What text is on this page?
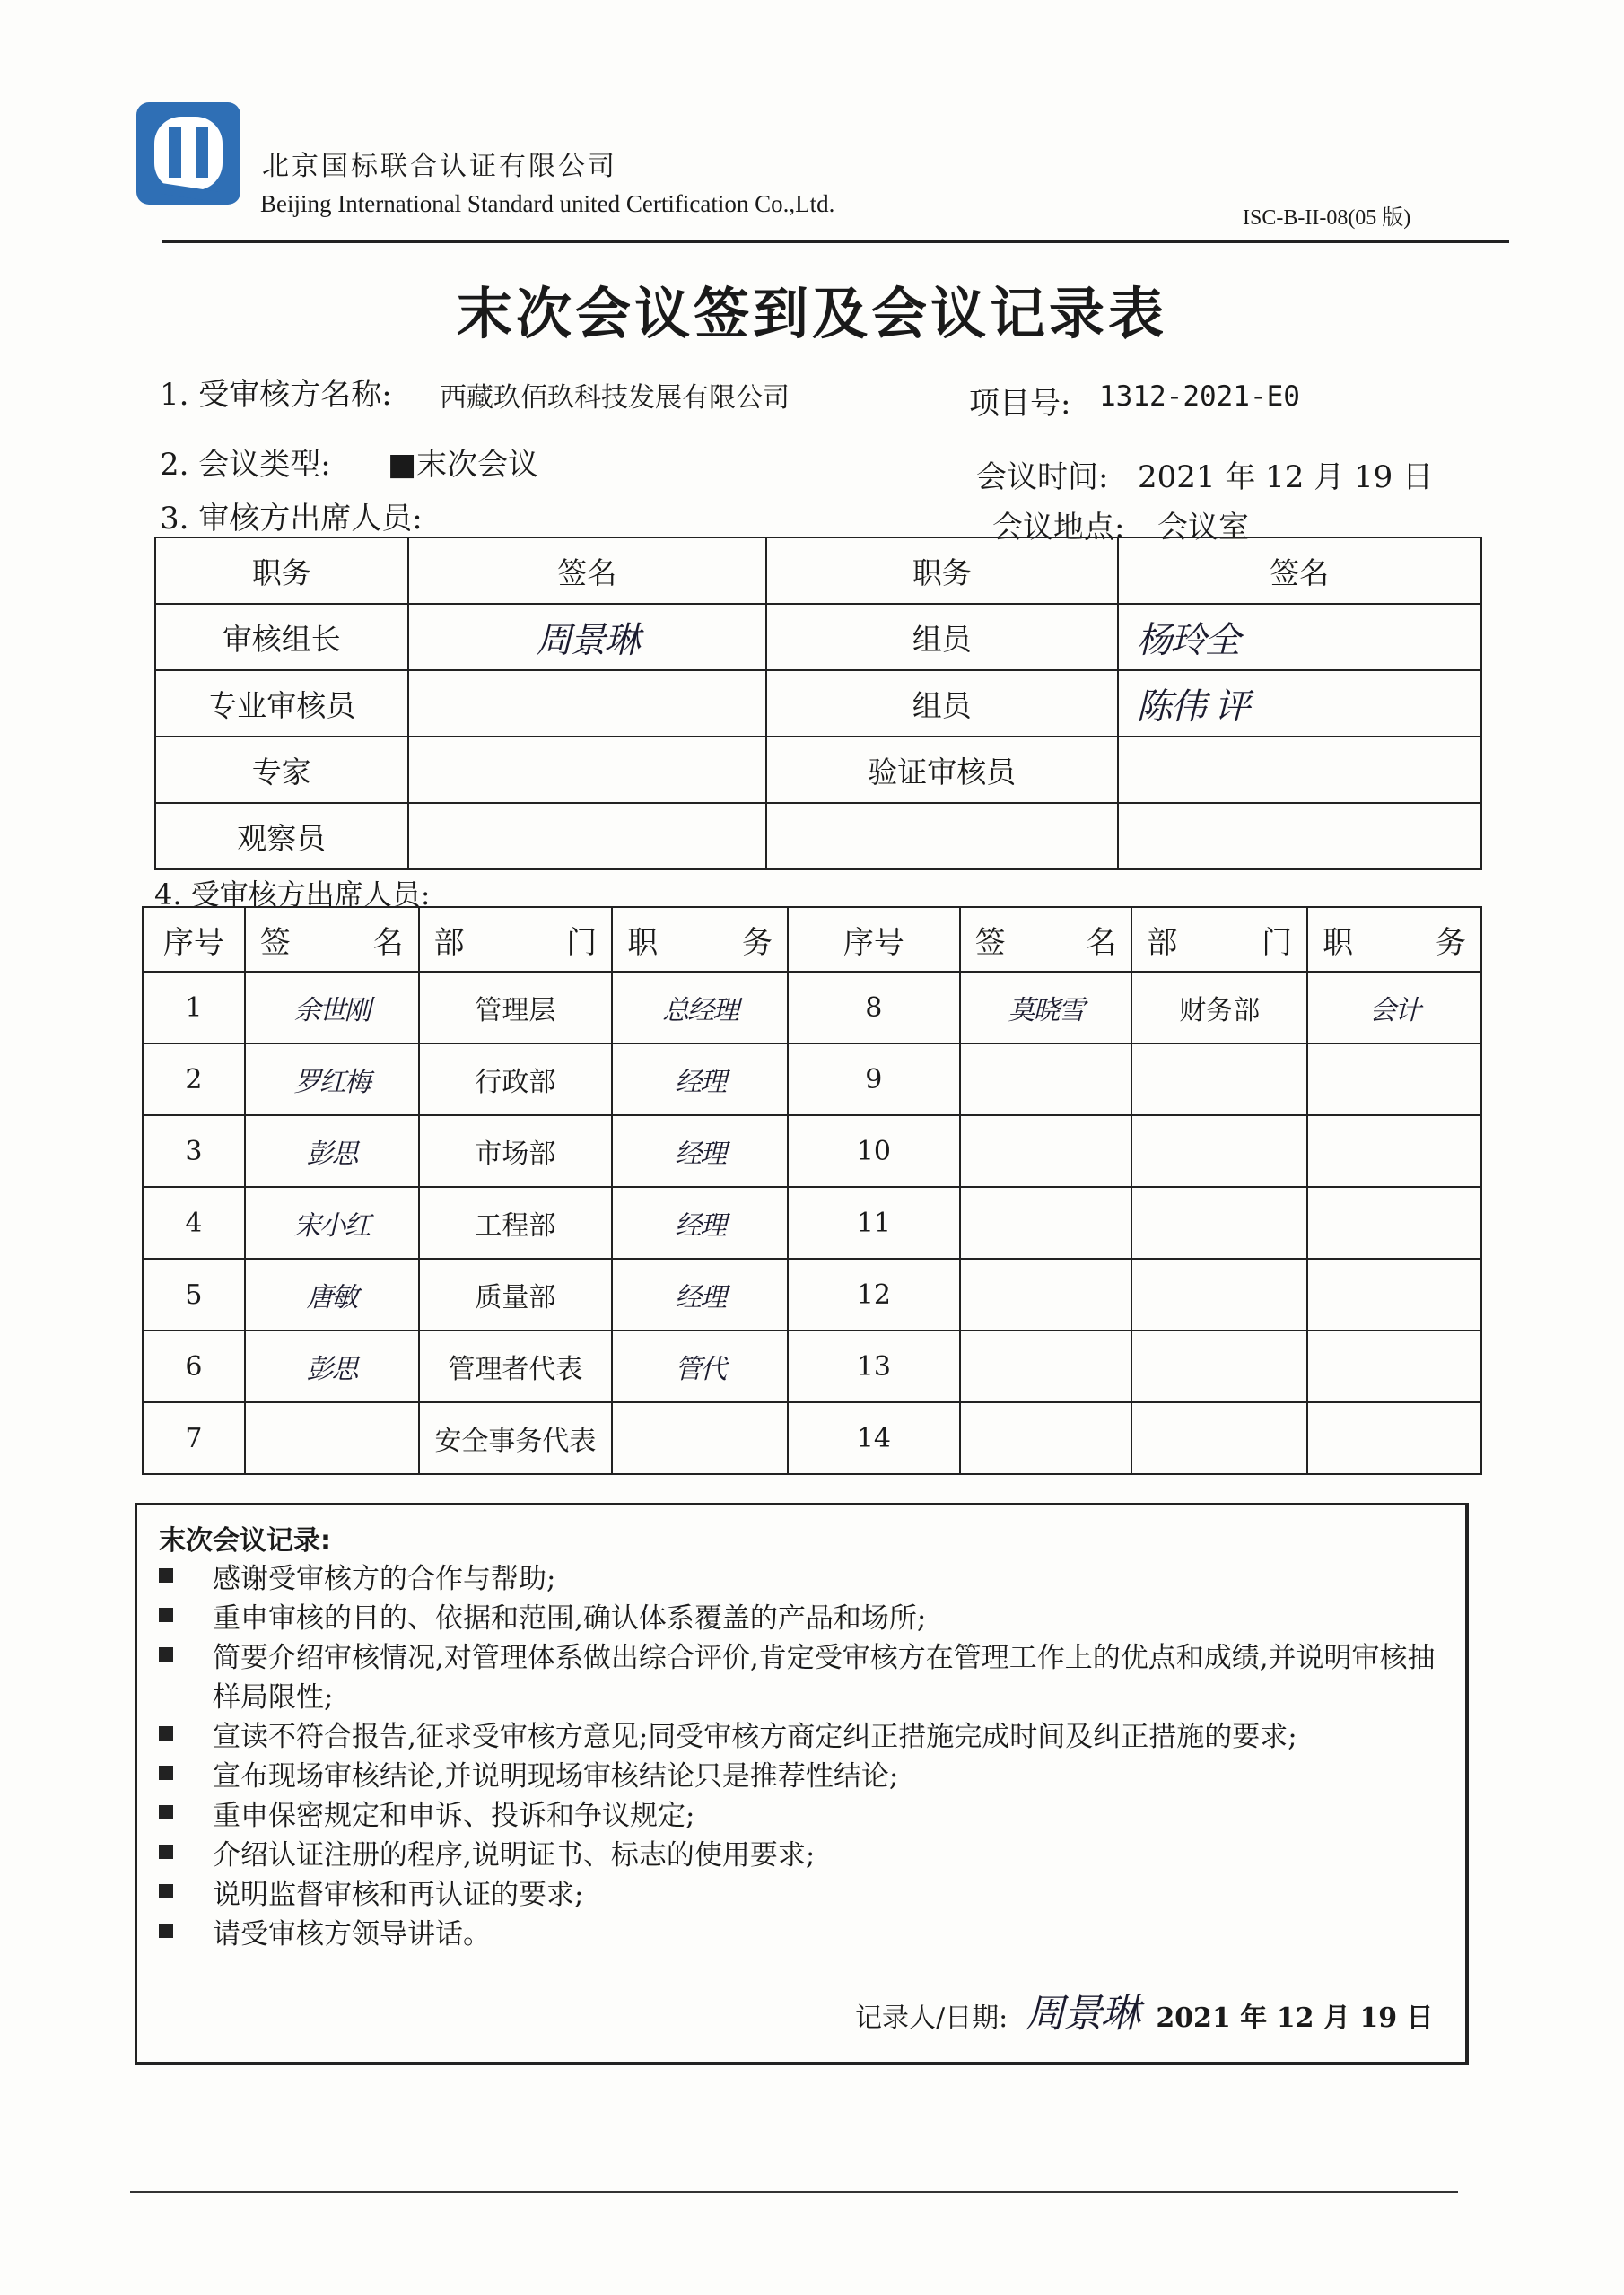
北京国标联合认证有限公司
Beijing International Standard united Certification Co.,Ltd.
ISC-B-II-08(05 版)
末次会议签到及会议记录表
1. 受审核方名称: 西藏玖佰玖科技发展有限公司	项目号: 1312-2021-E0
2. 会议类型: ■末次会议	会议时间: 2021 年 12 月 19 日
3. 审核方出席人员:	会议地点: 会议室
职务	签名	职务	签名
审核组长	周景琳	组员	杨玲全
专业审核员		组员	陈伟 评
专家		验证审核员	
观察员			
4. 受审核方出席人员:
序号	签 名	部 门	职 务	序号	签 名	部 门	职 务

1	余世刚	管理层	总经理	8	莫晓雪	财务部	会计
2	罗红梅	行政部	经理	9			
3	彭思	市场部	经理	10			
4	宋小红	工程部	经理	11			
5	唐敏	质量部	经理	12			
6	彭思	管理者代表	管代	13			
7		安全事务代表		14			
末次会议记录:
感谢受审核方的合作与帮助;
重申审核的目的、依据和范围,确认体系覆盖的产品和场所;
简要介绍审核情况,对管理体系做出综合评价,肯定受审核方在管理工作上的优点和成绩,并说明审核抽样局限性;
宣读不符合报告,征求受审核方意见;同受审核方商定纠正措施完成时间及纠正措施的要求;
宣布现场审核结论,并说明现场审核结论只是推荐性结论;
重申保密规定和申诉、投诉和争议规定;
介绍认证注册的程序,说明证书、标志的使用要求;
说明监督审核和再认证的要求;
请受审核方领导讲话。
记录人/日期: 周景琳 2021 年 12 月 19 日
